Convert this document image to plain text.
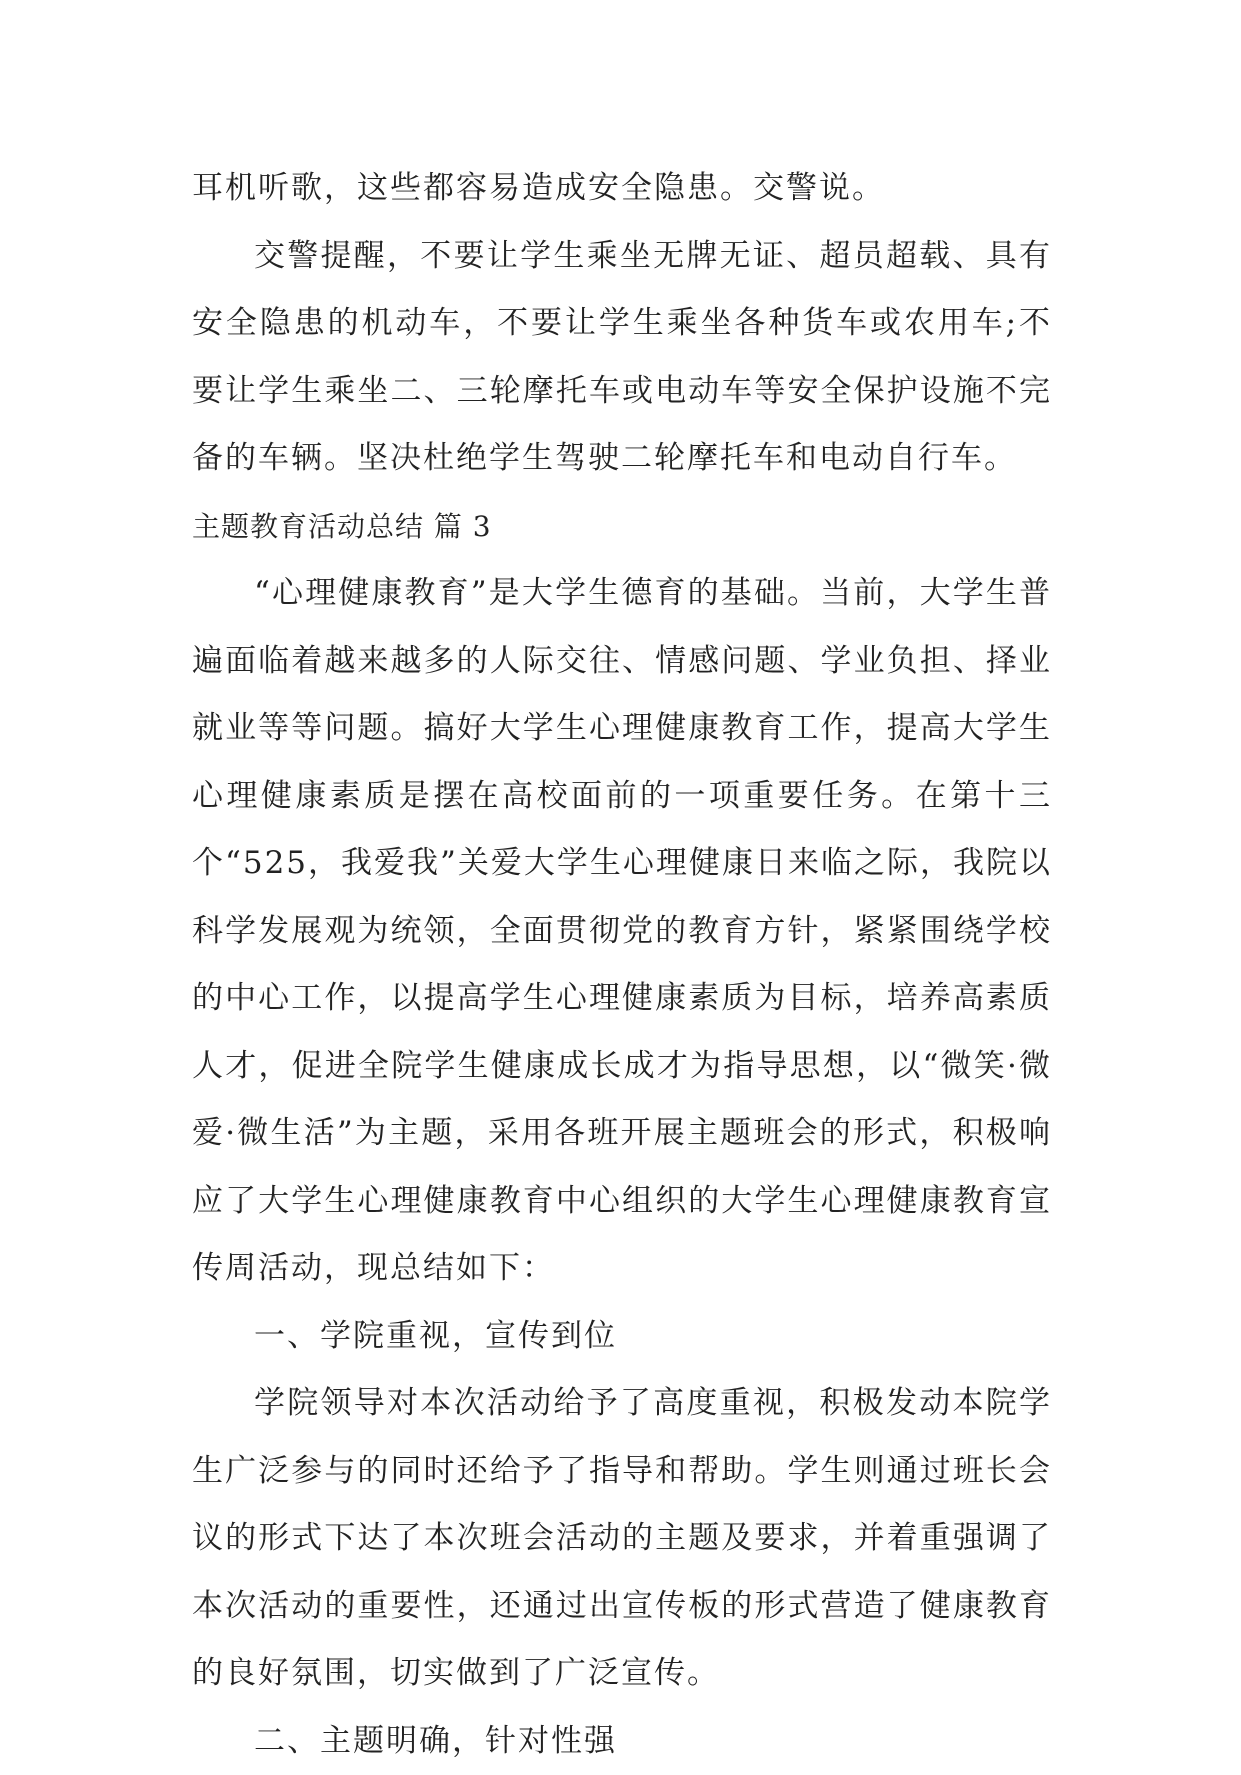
耳机听歌，这些都容易造成安全隐患。交警说。

交警提醒，不要让学生乘坐无牌无证、超员超载、具有安全隐患的机动车，不要让学生乘坐各种货车或农用车;不要让学生乘坐二、三轮摩托车或电动车等安全保护设施不完备的车辆。坚决杜绝学生驾驶二轮摩托车和电动自行车。

主题教育活动总结 篇 3

“心理健康教育”是大学生德育的基础。当前，大学生普遍面临着越来越多的人际交往、情感问题、学业负担、择业就业等等问题。搞好大学生心理健康教育工作，提高大学生心理健康素质是摆在高校面前的一项重要任务。在第十三个“525，我爱我”关爱大学生心理健康日来临之际，我院以科学发展观为统领，全面贯彻党的教育方针，紧紧围绕学校的中心工作，以提高学生心理健康素质为目标，培养高素质人才，促进全院学生健康成长成才为指导思想，以“微笑·微爱·微生活”为主题，采用各班开展主题班会的形式，积极响应了大学生心理健康教育中心组织的大学生心理健康教育宣传周活动，现总结如下：

一、学院重视，宣传到位

学院领导对本次活动给予了高度重视，积极发动本院学生广泛参与的同时还给予了指导和帮助。学生则通过班长会议的形式下达了本次班会活动的主题及要求，并着重强调了本次活动的重要性，还通过出宣传板的形式营造了健康教育的良好氛围，切实做到了广泛宣传。

二、主题明确，针对性强
